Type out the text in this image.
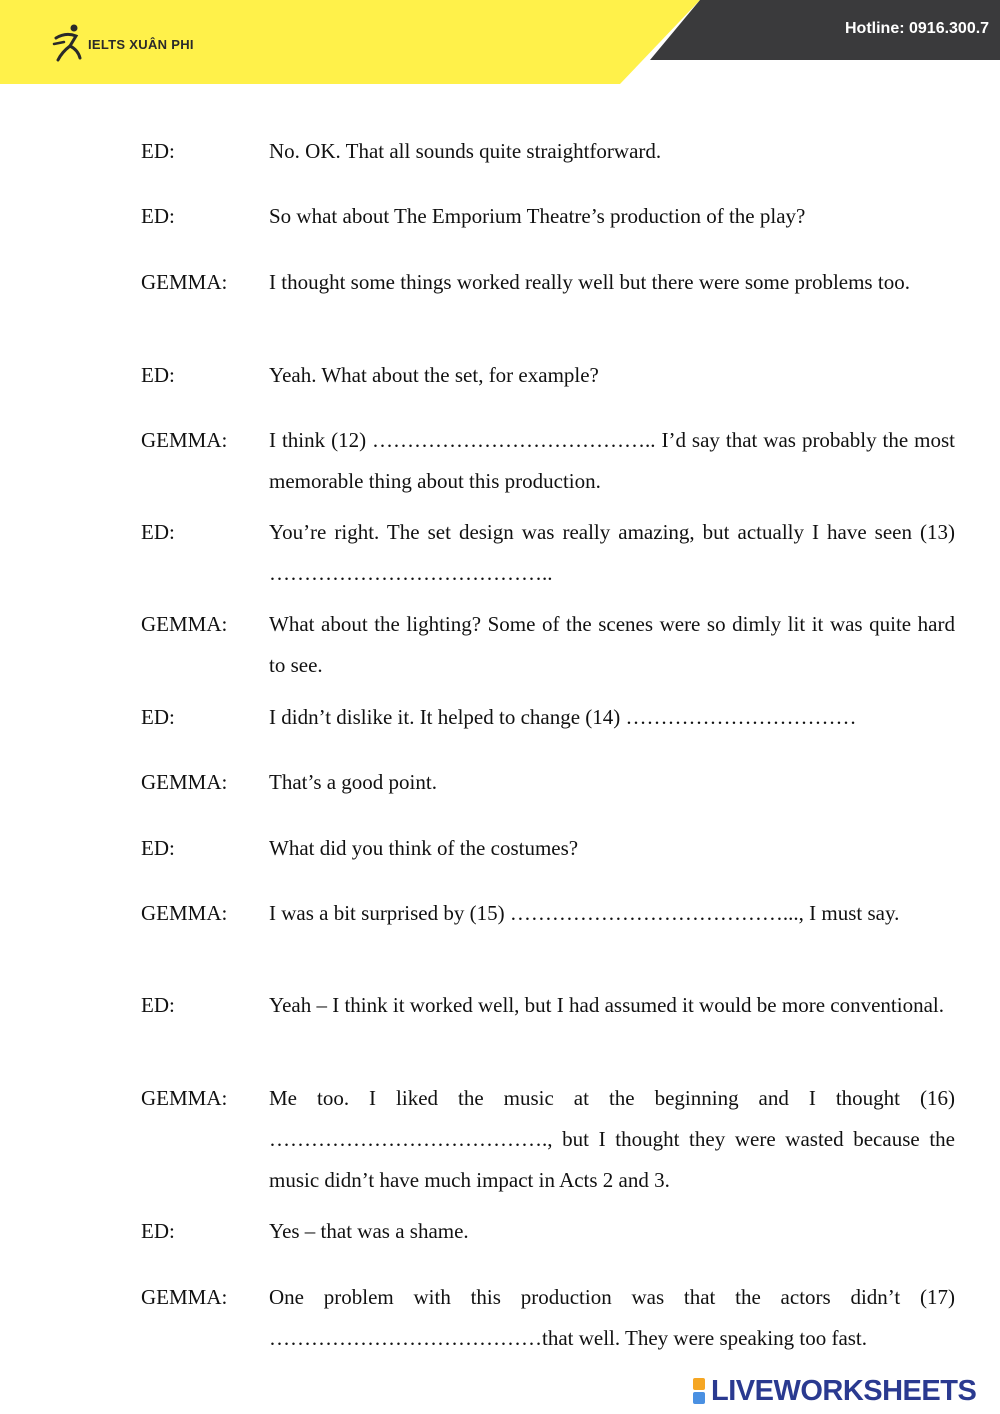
IELTS XUÂN PHI
Hotline: 0916.300.7
ED:	No. OK. That all sounds quite straightforward.
ED:	So what about The Emporium Theatre’s production of the play?
GEMMA: I thought some things worked really well but there were some problems too.
ED:	Yeah. What about the set, for example?
GEMMA: I think (12) ………………………………….. I’d say that was probably the most memorable thing about this production.
ED:	You’re right. The set design was really amazing, but actually I have seen (13) …………………………………..
GEMMA: What about the lighting? Some of the scenes were so dimly lit it was quite hard to see.
ED:	I didn’t dislike it. It helped to change (14) ……………………………
GEMMA: That’s a good point.
ED:	What did you think of the costumes?
GEMMA: I was a bit surprised by (15) …………………………………..., I must say.
ED:	Yeah – I think it worked well, but I had assumed it would be more conventional.
GEMMA: Me too. I liked the music at the beginning and I thought (16) …………………………………., but I thought they were wasted because the music didn’t have much impact in Acts 2 and 3.
ED:	Yes – that was a shame.
GEMMA: One problem with this production was that the actors didn’t (17) …………………………………that well. They were speaking too fast.
LIVEWORKSHEETS
